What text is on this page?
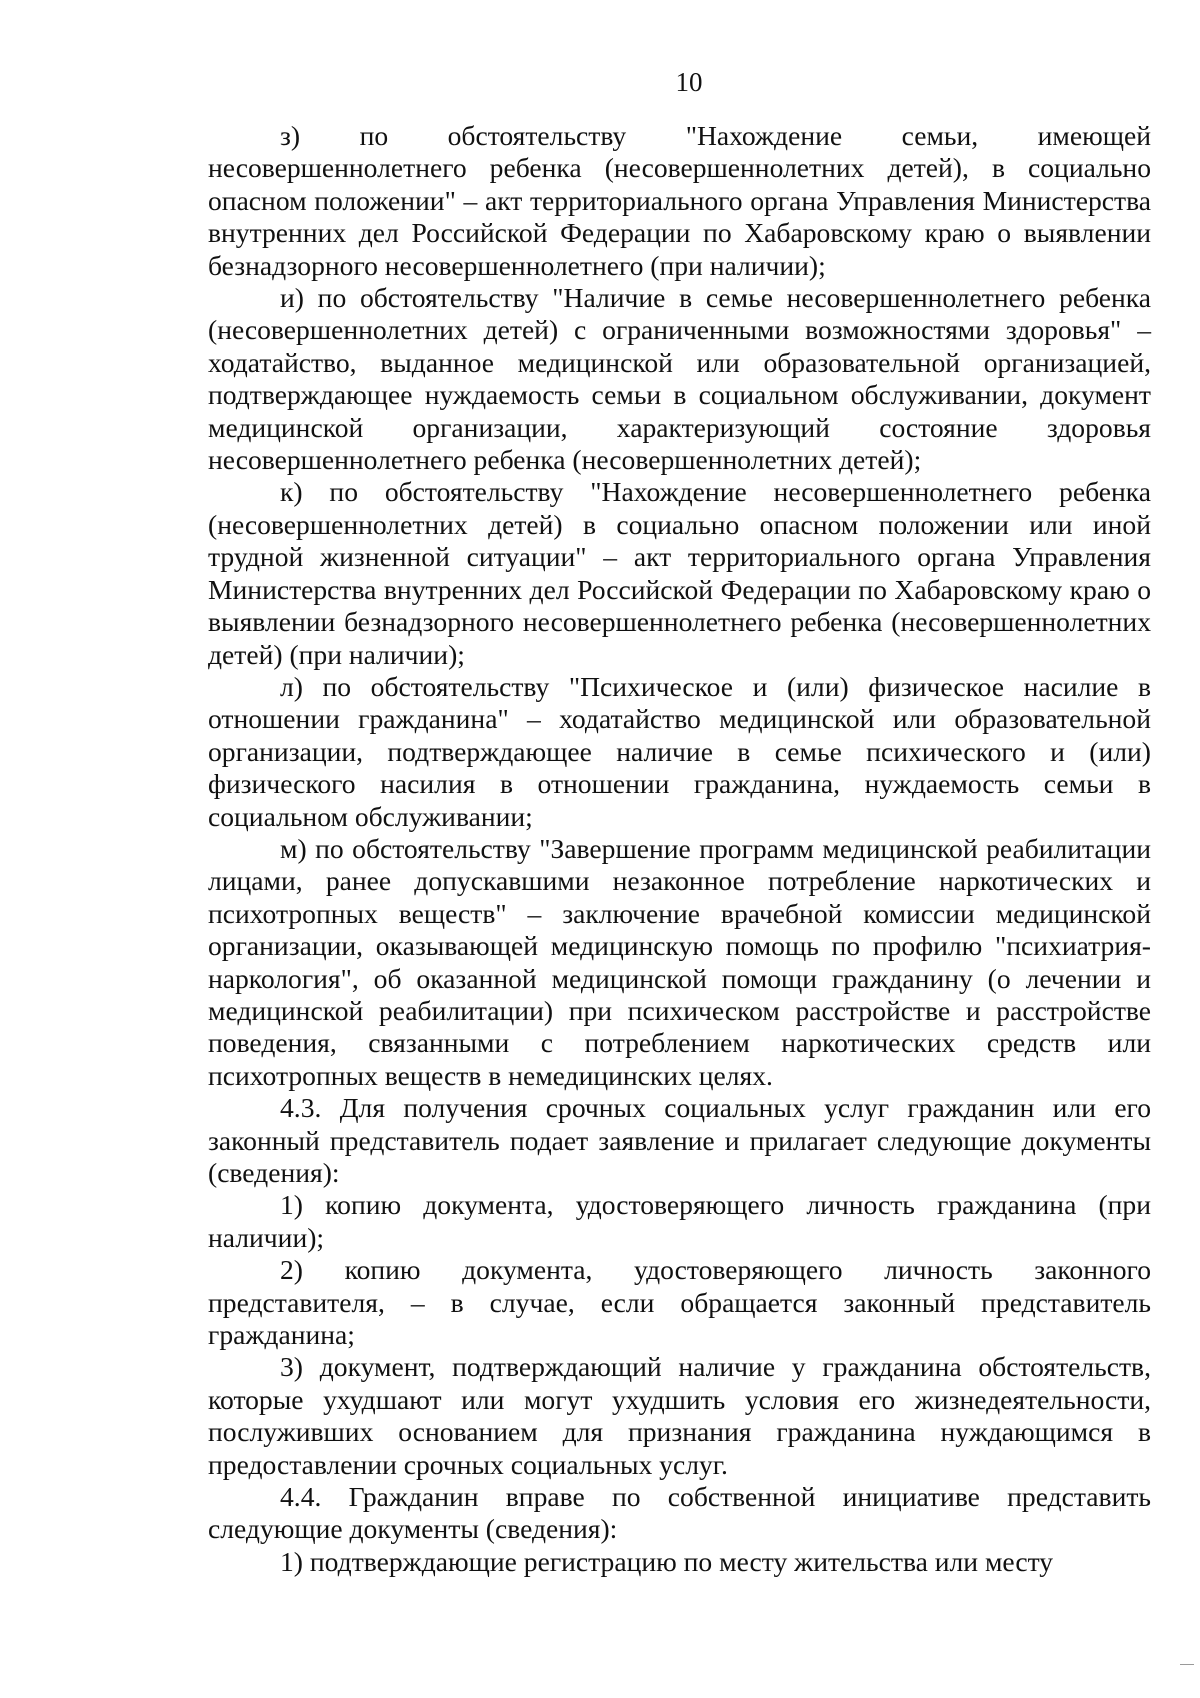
10

з) по обстоятельству "Нахождение семьи, имеющей несовершеннолетнего ребенка (несовершеннолетних детей), в социально опасном положении" – акт территориального органа Управления Министерства внутренних дел Российской Федерации по Хабаровскому краю о выявлении безнадзорного несовершеннолетнего (при наличии);

и) по обстоятельству "Наличие в семье несовершеннолетнего ребенка (несовершеннолетних детей) с ограниченными возможностями здоровья" – ходатайство, выданное медицинской или образовательной организацией, подтверждающее нуждаемость семьи в социальном обслуживании, документ медицинской организации, характеризующий состояние здоровья несовершеннолетнего ребенка (несовершеннолетних детей);

к) по обстоятельству "Нахождение несовершеннолетнего ребенка (несовершеннолетних детей) в социально опасном положении или иной трудной жизненной ситуации" – акт территориального органа Управления Министерства внутренних дел Российской Федерации по Хабаровскому краю о выявлении безнадзорного несовершеннолетнего ребенка (несовершеннолетних детей) (при наличии);

л) по обстоятельству "Психическое и (или) физическое насилие в отношении гражданина" – ходатайство медицинской или образовательной организации, подтверждающее наличие в семье психического и (или) физического насилия в отношении гражданина, нуждаемость семьи в социальном обслуживании;

м) по обстоятельству "Завершение программ медицинской реабилитации лицами, ранее допускавшими незаконное потребление наркотических и психотропных веществ" – заключение врачебной комиссии медицинской организации, оказывающей медицинскую помощь по профилю "психиатрия-наркология", об оказанной медицинской помощи гражданину (о лечении и медицинской реабилитации) при психическом расстройстве и расстройстве поведения, связанными с потреблением наркотических средств или психотропных веществ в немедицинских целях.

4.3. Для получения срочных социальных услуг гражданин или его законный представитель подает заявление и прилагает следующие документы (сведения):

1) копию документа, удостоверяющего личность гражданина (при наличии);

2) копию документа, удостоверяющего личность законного представителя, – в случае, если обращается законный представитель гражданина;

3) документ, подтверждающий наличие у гражданина обстоятельств, которые ухудшают или могут ухудшить условия его жизнедеятельности, послуживших основанием для признания гражданина нуждающимся в предоставлении срочных социальных услуг.

4.4. Гражданин вправе по собственной инициативе представить следующие документы (сведения):

1) подтверждающие регистрацию по месту жительства или месту
